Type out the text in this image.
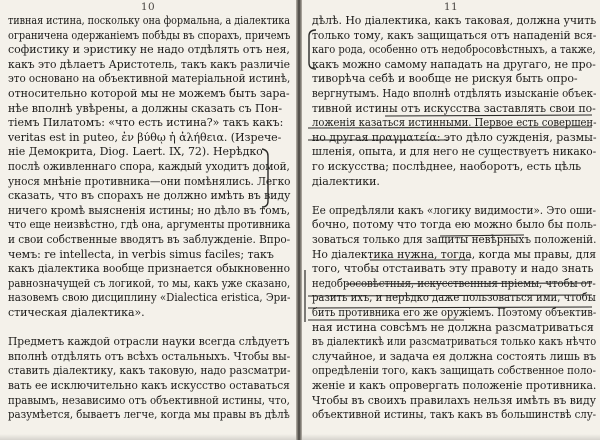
10
тивная истина, поскольку она формальна, а діалектика
ограничена одержаніемъ побѣды въ спорахъ, причемъ
софистику и эристику не надо отдѣлять отъ нея,
какъ это дѣлаетъ Аристотель, такъ какъ различіе
это основано на объективной матеріальной истинѣ,
относительно которой мы не можемъ быть зара-
нѣе вполнѣ увѣрены, а должны сказать съ Пон-
тіемъ Пилатомъ: «что есть истина?» такъ какъ:
veritas est in puteo, ἐν βύθῳ ἡ ἀλήθεια. (Изрече-
ніе Демокрита, Diog. Laert. IX, 72). Нерѣдко
послѣ оживленнаго спора, каждый уходитъ домой,
унося мнѣніе противника—они помѣнялись. Легко
сказать, что въ спорахъ не должно имѣть въ виду
ничего кромѣ выясненія истины; но дѣло въ томъ,
что еще неизвѣстно, гдѣ она, аргументы противника
и свои собственные вводятъ въ заблужденіе. Впро-
чемъ: re intellecta, in verbis simus faciles; такъ
какъ діалектика вообще признается обыкновенно
равнозначущей съ логикой, то мы, какъ уже сказано,
назовемъ свою дисциплину «Dialectica eristica, Эри-
стическая діалектика».
Предметъ каждой отрасли науки всегда слѣдуетъ
вполнѣ отдѣлять отъ всѣхъ остальныхъ. Чтобы вы-
ставить діалектику, какъ таковую, надо разсматри-
вать ее исключительно какъ искусство оставаться
правымъ, независимо отъ объективной истины, что,
разумѣется, бываетъ легче, когда мы правы въ дѣлѣ
11
дѣлѣ. Но діалектика, какъ таковая, должна учить
только тому, какъ защищаться отъ нападеній вся-
каго рода, особенно отъ недобросовѣстныхъ, а также,
какъ можно самому нападать на другаго, не про-
тиворѣча себѣ и вообще не рискуя быть опро-
вергнутымъ. Надо вполнѣ отдѣлять изысканіе объек-
тивной истины отъ искусства заставлять свои по-
ложенія казаться истинными. Первое есть совершен-
но другая πραγματεία: это дѣло сужденія, размы-
шленія, опыта, и для него не существуетъ никако-
го искусства; послѣднее, наоборотъ, есть цѣль
діалектики.
Ее опредѣляли какъ «логику видимости». Это оши-
бочно, потому что тогда ею можно было бы поль-
зоваться только для защиты невѣрныхъ положеній.
Но діалектика нужна, тогда, когда мы правы, для
того, чтобы отстаивать эту правоту и надо знать
недобросовѣстныя, искусственныя пріемы, чтобы от-
разить ихъ, и нерѣдко даже пользоваться ими, чтобы
бить противника его же оружіемъ. Поэтому объектив-
ная истина совсѣмъ не должна разсматриваться
въ діалектикѣ или разсматриваться только какъ нѣчто
случайное, и задача ея должна состоять лишь въ
опредѣленіи того, какъ защищать собственное поло-
женіе и какъ опровергать положеніе противника.
Чтобы въ своихъ правилахъ нельзя имѣть въ виду
объективной истины, такъ какъ въ большинствѣ слу-
